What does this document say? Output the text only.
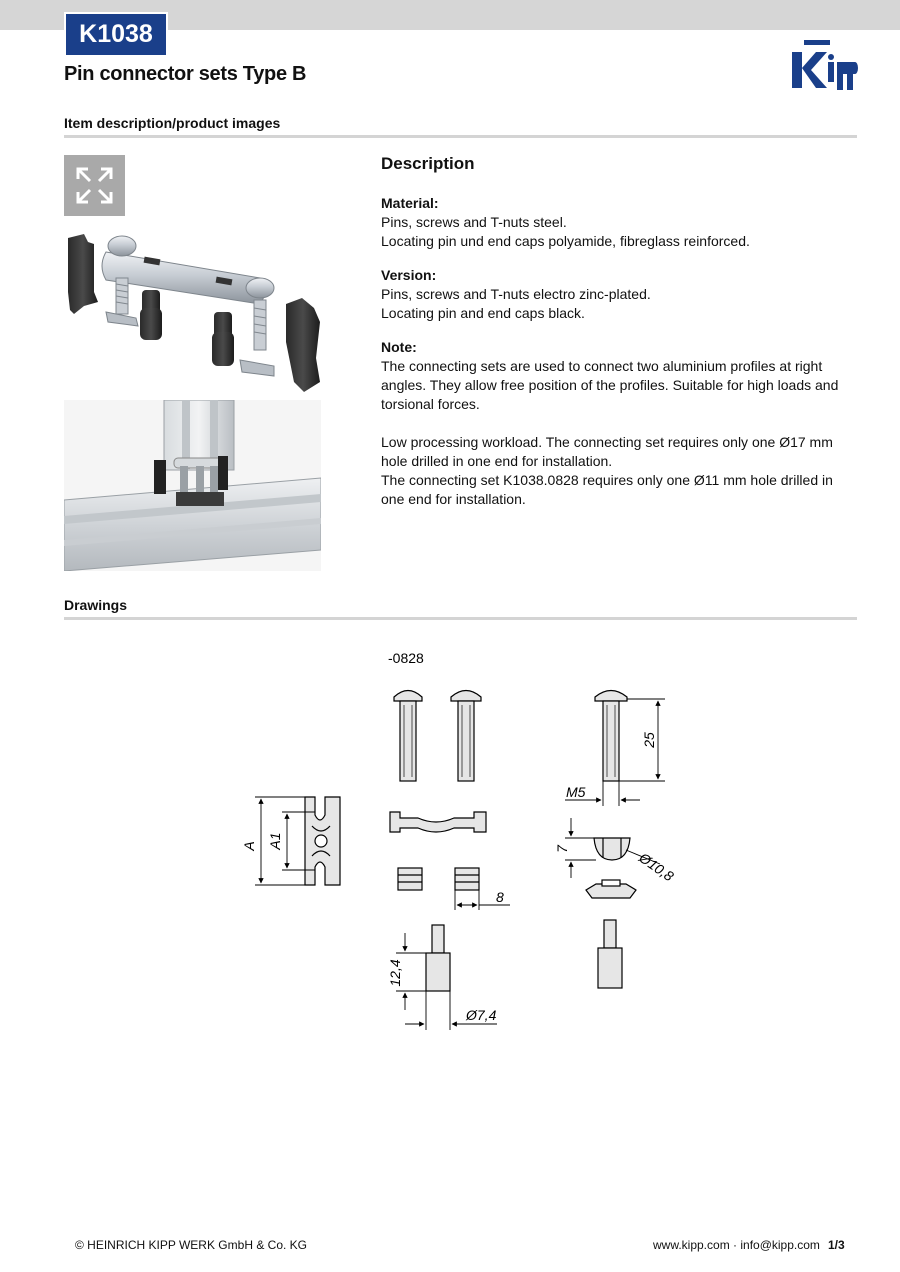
K1038
Pin connector sets Type B
Item description/product images
Description
Material:
Pins, screws and T-nuts steel.
Locating pin und end caps polyamide, fibreglass reinforced.
Version:
Pins, screws and T-nuts electro zinc-plated.
Locating pin and end caps black.
Note:
The connecting sets are used to connect two aluminium profiles at right angles. They allow free position of the profiles. Suitable for high loads and torsional forces.
Low processing workload. The connecting set requires only one Ø17 mm hole drilled in one end for installation.
The connecting set K1038.0828 requires only one Ø11 mm hole drilled in one end for installation.
Drawings
-0828
A A1
25
M5
7
Ø10,8
8
12,4
Ø7,4
© HEINRICH KIPP WERK GmbH & Co. KG	www.kipp.com · info@kipp.com 1/3
